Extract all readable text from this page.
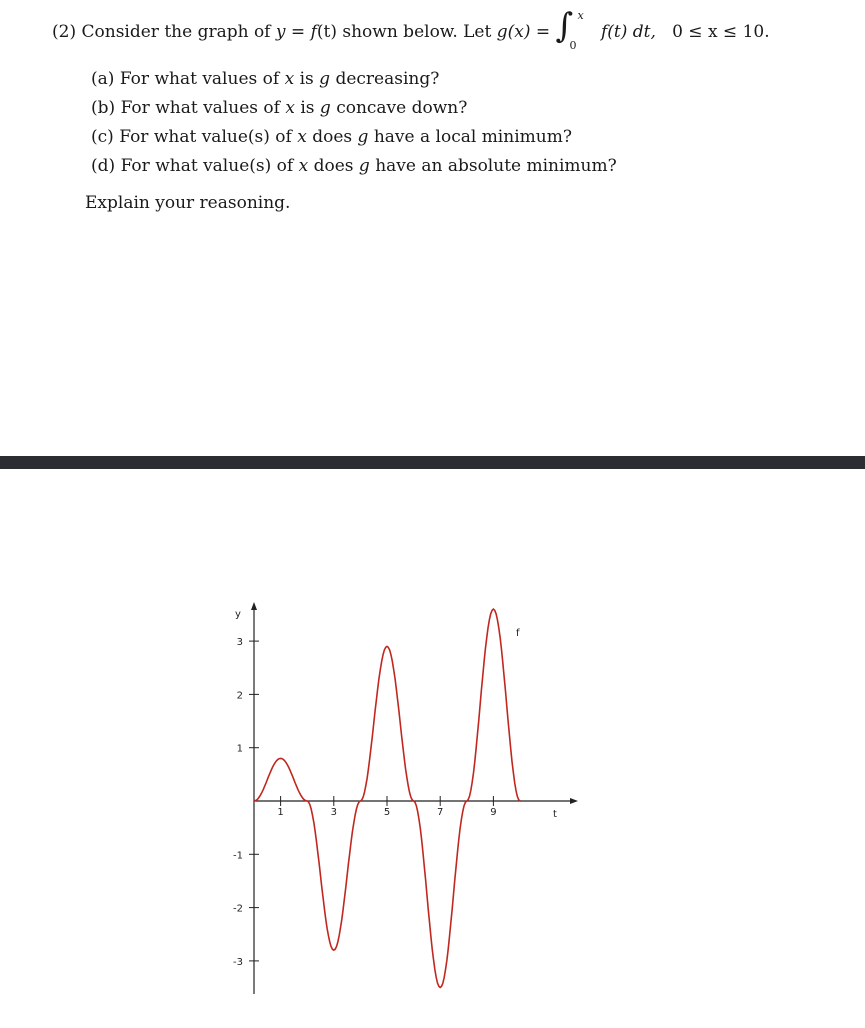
(2) Consider the graph of y = f(t) shown below. Let g(x) = ∫ x
0
f(t) dt, 0 ≤ x ≤ 10.
(a) For what values of x is g decreasing?
(b) For what values of x is g concave down?
(c) For what value(s) of x does g have a local minimum?
(d) For what value(s) of x does g have an absolute minimum?
Explain your reasoning.
y
t
3
2
1
-1
-2
-3
1	3	5	7	9
f
